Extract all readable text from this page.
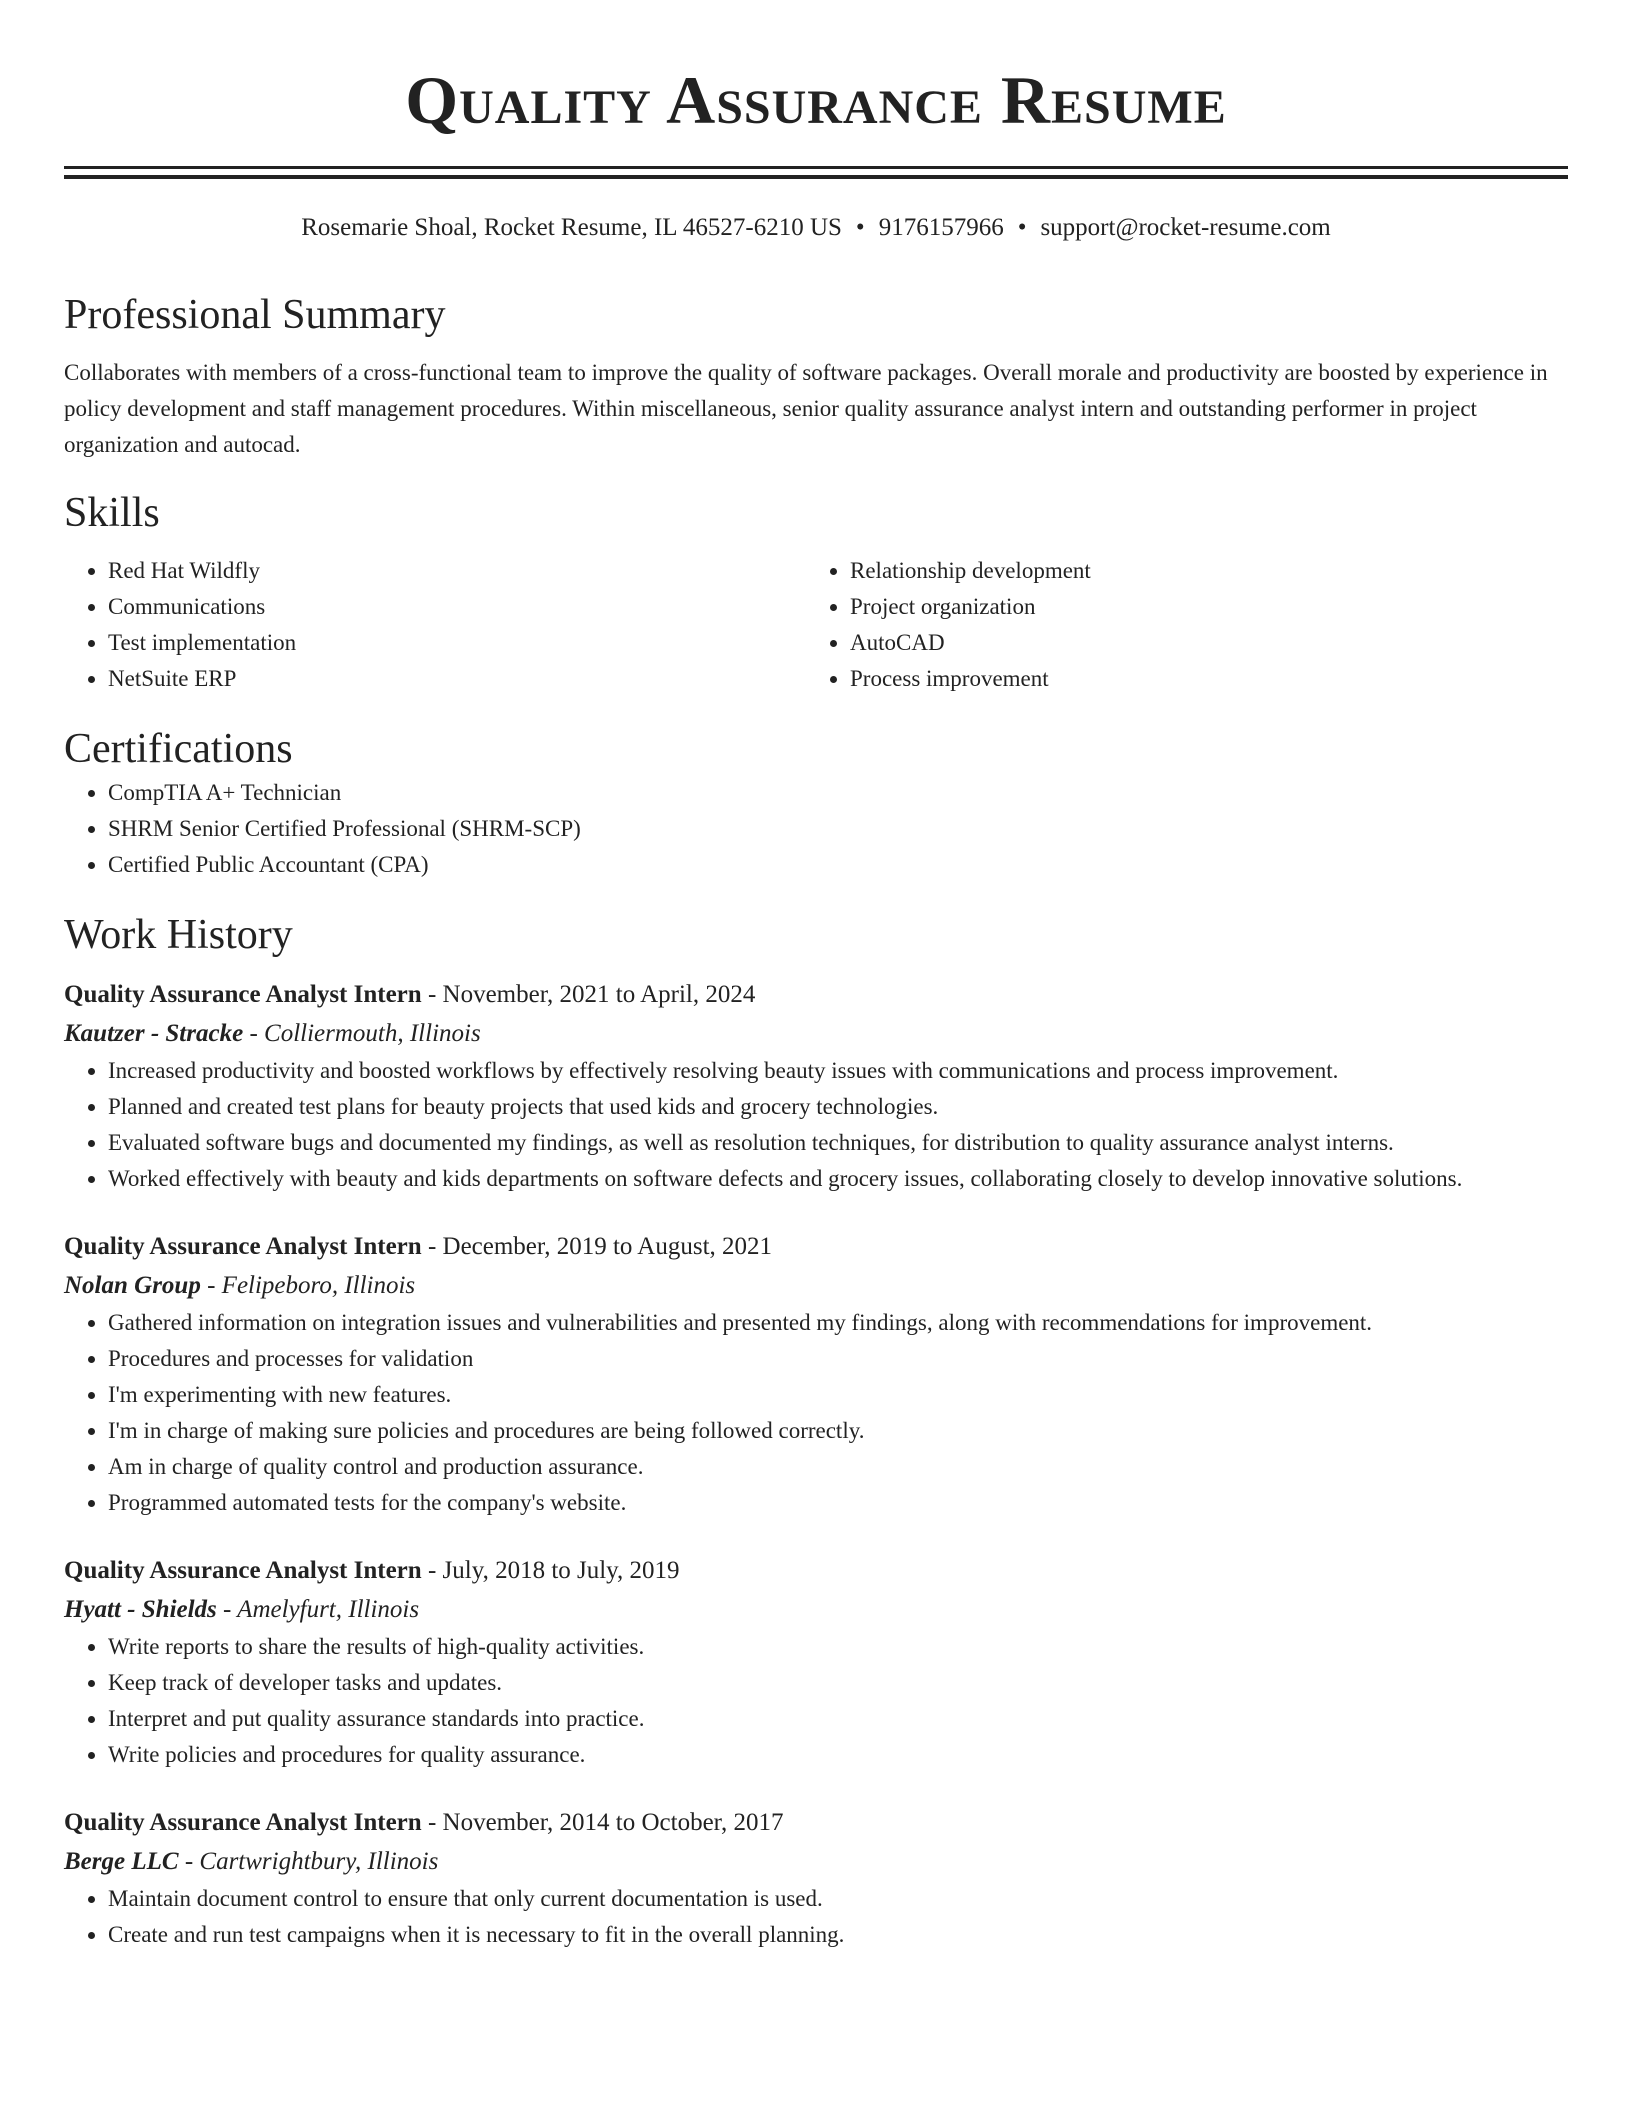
Quality Assurance Resume
Rosemarie Shoal, Rocket Resume, IL 46527-6210 US • 9176157966 • support@rocket-resume.com
Professional Summary
Collaborates with members of a cross-functional team to improve the quality of software packages. Overall morale and productivity are boosted by experience in policy development and staff management procedures. Within miscellaneous, senior quality assurance analyst intern and outstanding performer in project organization and autocad.
Skills
• Red Hat Wildfly
• Communications
• Test implementation
• NetSuite ERP
• Relationship development
• Project organization
• AutoCAD
• Process improvement
Certifications
• CompTIA A+ Technician
• SHRM Senior Certified Professional (SHRM-SCP)
• Certified Public Accountant (CPA)
Work History
Quality Assurance Analyst Intern - November, 2021 to April, 2024
Kautzer - Stracke - Colliermouth, Illinois
• Increased productivity and boosted workflows by effectively resolving beauty issues with communications and process improvement.
• Planned and created test plans for beauty projects that used kids and grocery technologies.
• Evaluated software bugs and documented my findings, as well as resolution techniques, for distribution to quality assurance analyst interns.
• Worked effectively with beauty and kids departments on software defects and grocery issues, collaborating closely to develop innovative solutions.
Quality Assurance Analyst Intern - December, 2019 to August, 2021
Nolan Group - Felipeboro, Illinois
• Gathered information on integration issues and vulnerabilities and presented my findings, along with recommendations for improvement.
• Procedures and processes for validation
• I'm experimenting with new features.
• I'm in charge of making sure policies and procedures are being followed correctly.
• Am in charge of quality control and production assurance.
• Programmed automated tests for the company's website.
Quality Assurance Analyst Intern - July, 2018 to July, 2019
Hyatt - Shields - Amelyfurt, Illinois
• Write reports to share the results of high-quality activities.
• Keep track of developer tasks and updates.
• Interpret and put quality assurance standards into practice.
• Write policies and procedures for quality assurance.
Quality Assurance Analyst Intern - November, 2014 to October, 2017
Berge LLC - Cartwrightbury, Illinois
• Maintain document control to ensure that only current documentation is used.
• Create and run test campaigns when it is necessary to fit in the overall planning.
